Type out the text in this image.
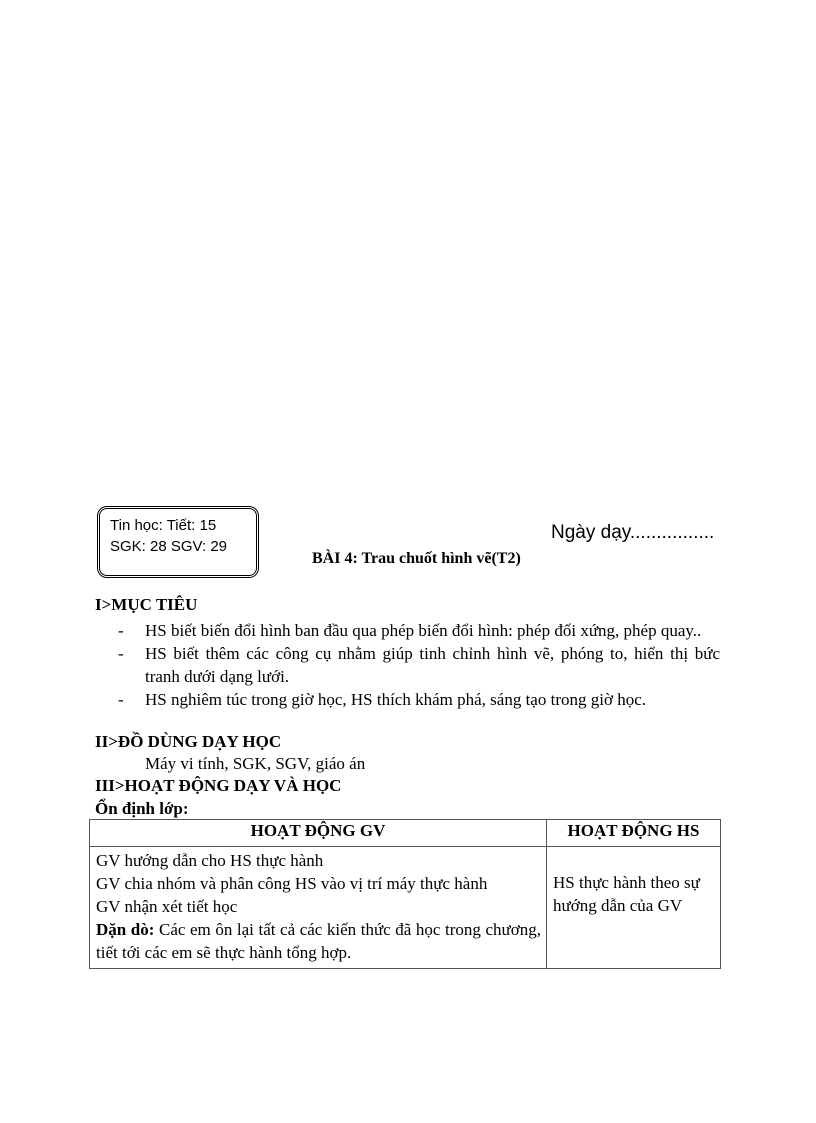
Tin học: Tiết: 15
SGK: 28 SGV: 29
Ngày dạy................
BÀI 4: Trau chuốt hình vẽ(T2)
I>MỤC TIÊU
- HS biết biến đổi hình ban đầu qua phép biến đổi hình: phép đối xứng, phép quay..
- HS biết thêm các công cụ nhằm giúp tinh chỉnh hình vẽ, phóng to, hiển thị bức tranh dưới dạng lưới.
- HS nghiêm túc trong giờ học, HS thích khám phá, sáng tạo trong giờ học.
II>ĐỒ DÙNG DẠY HỌC
Máy vi tính, SGK, SGV, giáo án
III>HOẠT ĐỘNG DẠY VÀ HỌC
Ổn định lớp:
HOẠT ĐỘNG GV	HOẠT ĐỘNG HS

GV hướng dẫn cho HS thực hành
GV chia nhóm và phân công HS vào vị trí máy thực hành
GV nhận xét tiết học
Dặn dò: Các em ôn lại tất cả các kiến thức đã học trong chương, tiết tới các em sẽ thực hành tổng hợp.	HS thực hành theo sự hướng dẫn của GV
